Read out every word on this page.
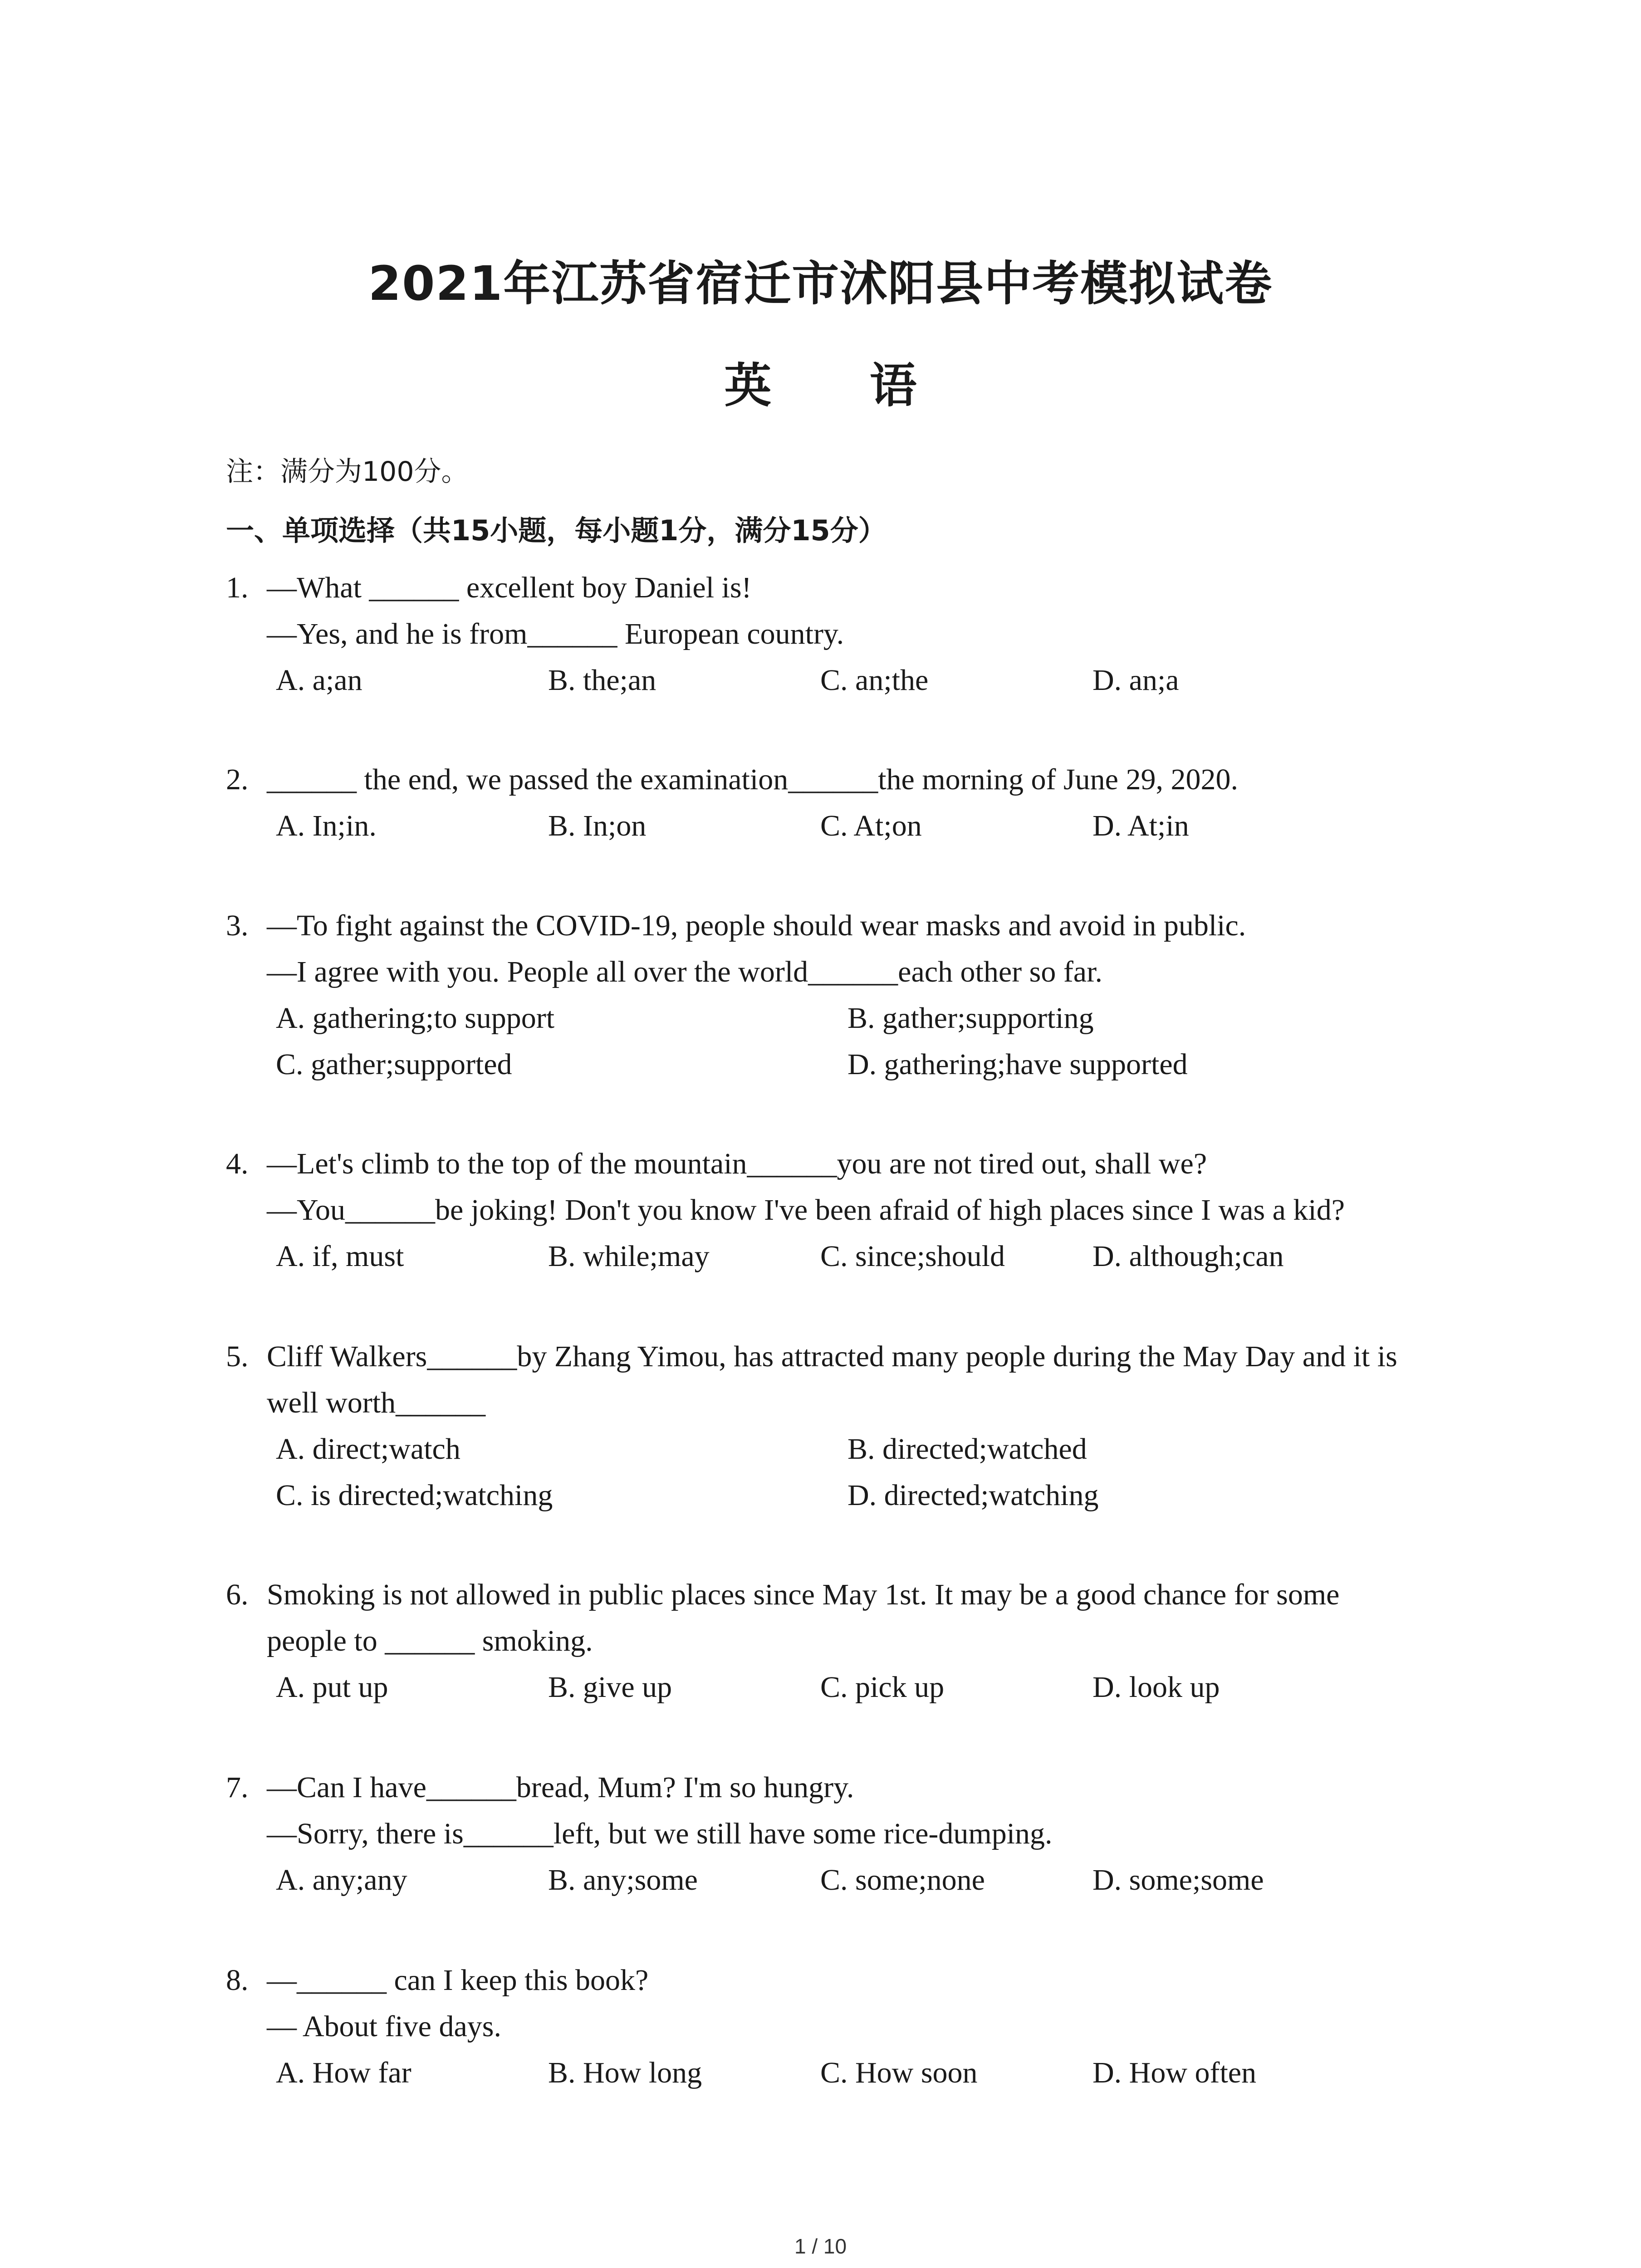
2021年江苏省宿迁市沭阳县中考模拟试卷
英 语
注：满分为100分。
一、单项选择（共15小题，每小题1分，满分15分）
1. —What ______ excellent boy Daniel is!
—Yes, and he is from______ European country.
A. a;an	B. the;an	C. an;the	D. an;a
2. ______ the end, we passed the examination______the morning of June 29, 2020.
A. In;in.	B. In;on	C. At;on	D. At;in
3. —To fight against the COVID-19, people should wear masks and avoid in public.
—I agree with you. People all over the world______each other so far.
A. gathering;to support	B. gather;supporting
C. gather;supported	D. gathering;have supported
4. —Let's climb to the top of the mountain______you are not tired out, shall we?
—You______be joking! Don't you know I've been afraid of high places since I was a kid?
A. if, must	B. while;may	C. since;should	D. although;can
5. Cliff Walkers______by Zhang Yimou, has attracted many people during the May Day and it is
well worth______
A. direct;watch	B. directed;watched
C. is directed;watching	D. directed;watching
6. Smoking is not allowed in public places since May 1st. It may be a good chance for some
people to ______ smoking.
A. put up	B. give up	C. pick up	D. look up
7. —Can I have______bread, Mum? I'm so hungry.
—Sorry, there is______left, but we still have some rice-dumping.
A. any;any	B. any;some	C. some;none	D. some;some
8. —______ can I keep this book?
— About five days.
A. How far	B. How long	C. How soon	D. How often
1 / 10
